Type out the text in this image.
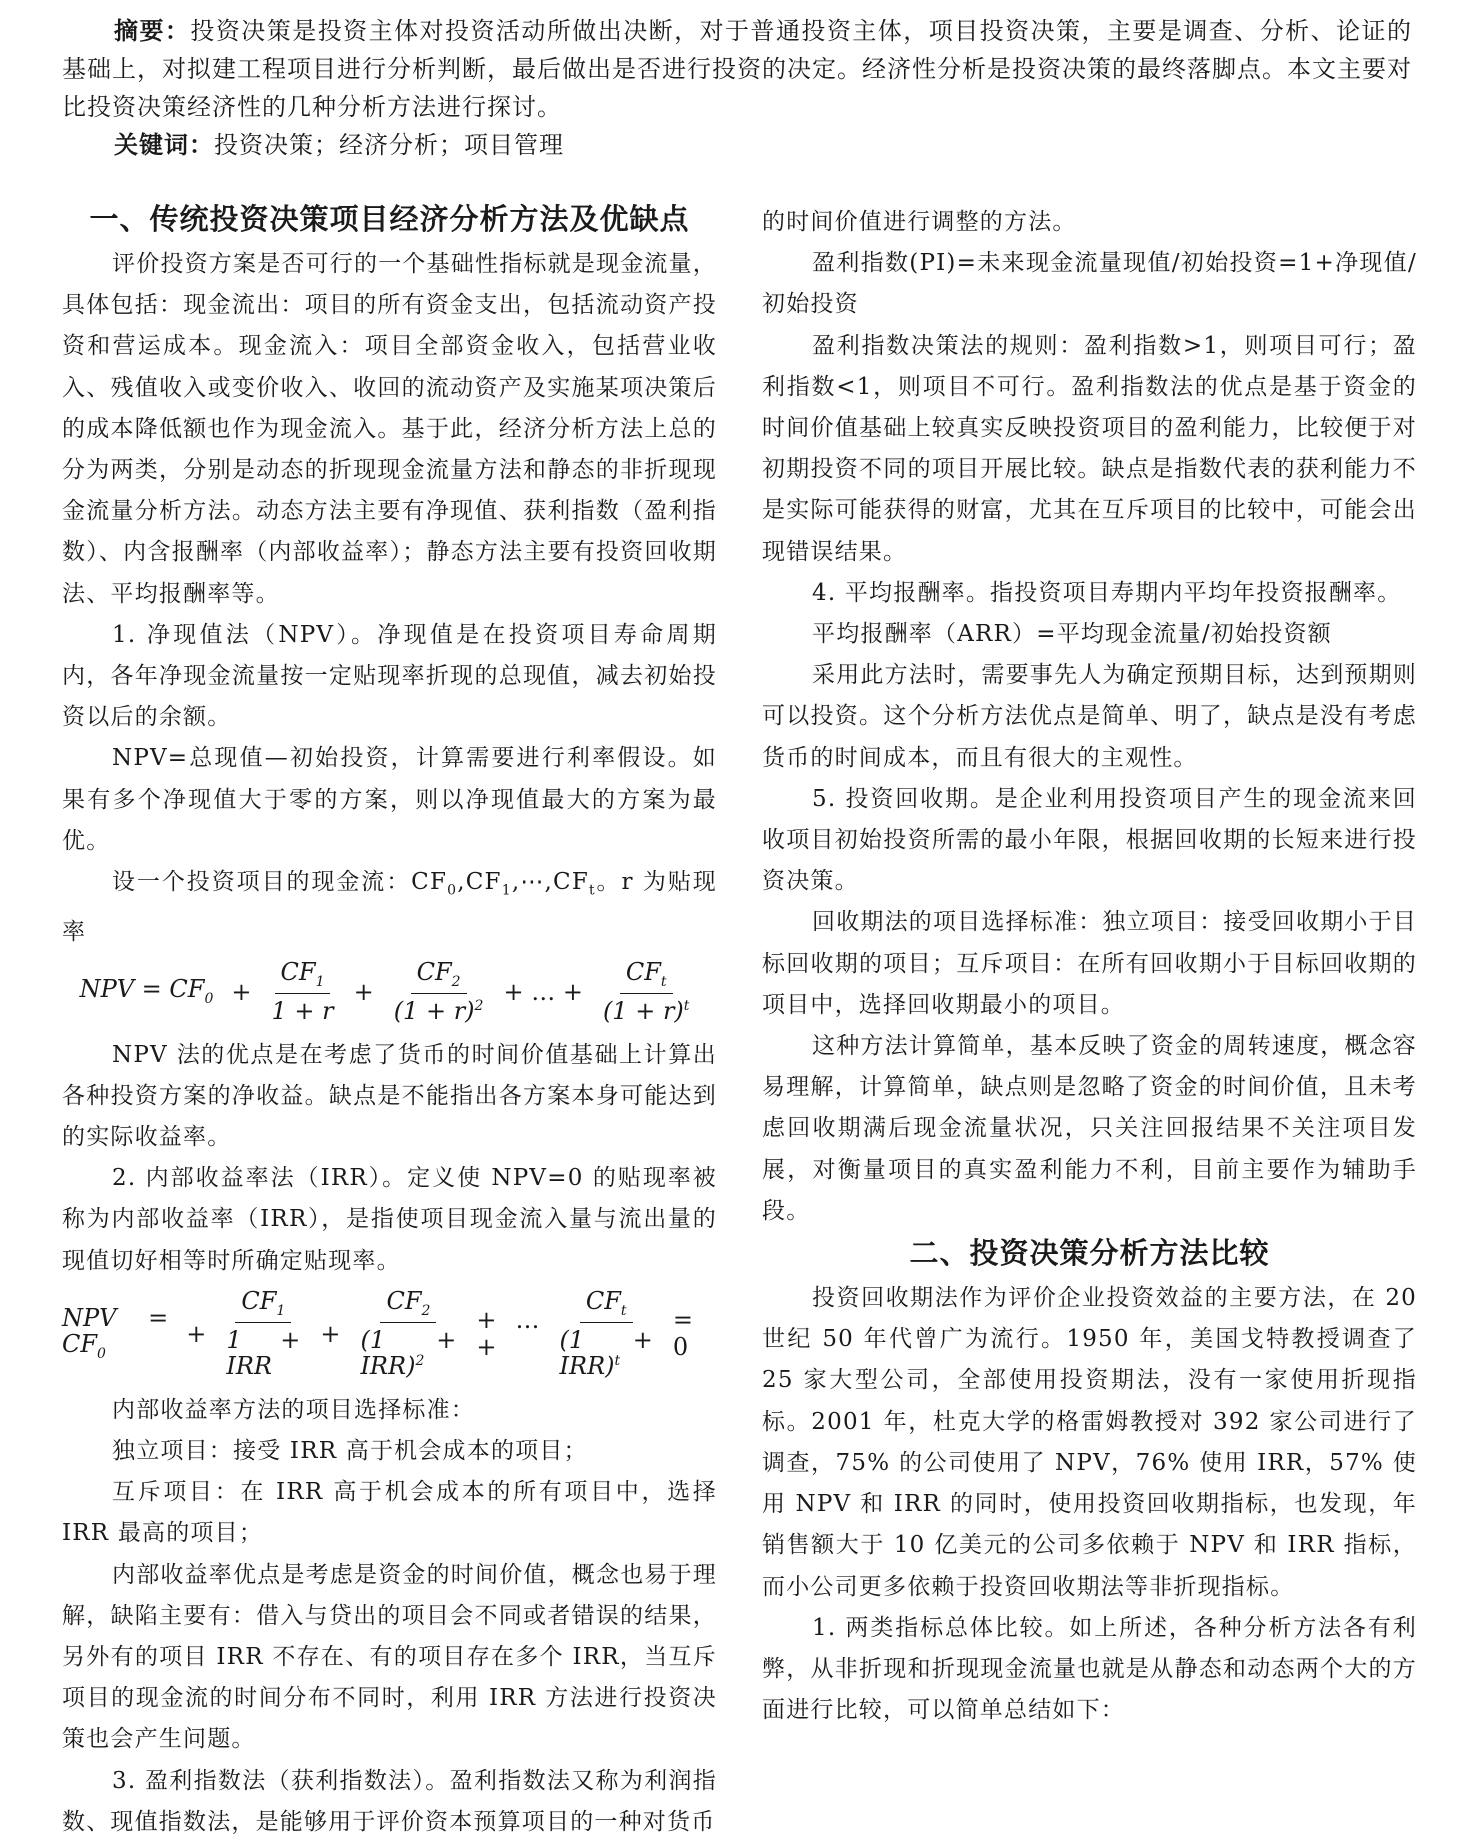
摘要：投资决策是投资主体对投资活动所做出决断，对于普通投资主体，项目投资决策，主要是调查、分析、论证的基础上，对拟建工程项目进行分析判断，最后做出是否进行投资的决定。经济性分析是投资决策的最终落脚点。本文主要对比投资决策经济性的几种分析方法进行探讨。

关键词：投资决策；经济分析；项目管理

一、传统投资决策项目经济分析方法及优缺点

评价投资方案是否可行的一个基础性指标就是现金流量，具体包括：现金流出：项目的所有资金支出，包括流动资产投资和营运成本。现金流入：项目全部资金收入，包括营业收入、残值收入或变价收入、收回的流动资产及实施某项决策后的成本降低额也作为现金流入。基于此，经济分析方法上总的分为两类，分别是动态的折现现金流量方法和静态的非折现现金流量分析方法。动态方法主要有净现值、获利指数（盈利指数）、内含报酬率（内部收益率）；静态方法主要有投资回收期法、平均报酬率等。

1. 净现值法（NPV）。净现值是在投资项目寿命周期内，各年净现金流量按一定贴现率折现的总现值，减去初始投资以后的余额。

NPV=总现值—初始投资，计算需要进行利率假设。如果有多个净现值大于零的方案，则以净现值最大的方案为最优。

设一个投资项目的现金流：$CF_0,CF_1,\cdots,CF_t$。r 为贴现率

NPV = $CF_0 + \frac{CF_1}{1 + r} + \frac{CF_2}{(1 + r)^2}$ + … + $\frac{CF_t}{(1 + r)^t}$

NPV 法的优点是在考虑了货币的时间价值基础上计算出各种投资方案的净收益。缺点是不能指出各方案本身可能达到的实际收益率。

2. 内部收益率法（IRR）。定义使 NPV=0 的贴现率被称为内部收益率（IRR），是指使项目现金流入量与流出量的现值切好相等时所确定贴现率。

NPV = $CF_0$
+ $\frac{CF_1}{\text{1 + IRR}} + \frac{CF_2}{(1 + IRR)^2}$ + … +	$\frac{CF_t}{(1 + IRR)^t} = 0$

内部收益率方法的项目选择标准：

独立项目：接受 IRR 高于机会成本的项目；

互斥项目：在 IRR 高于机会成本的所有项目中，选择 IRR 最高的项目；

内部收益率优点是考虑是资金的时间价值，概念也易于理解，缺陷主要有：借入与贷出的项目会不同或者错误的结果，另外有的项目 IRR 不存在、有的项目存在多个 IRR，当互斥项目的现金流的时间分布不同时，利用 IRR 方法进行投资决策也会产生问题。

3. 盈利指数法（获利指数法）。盈利指数法又称为利润指数、现值指数法，是能够用于评价资本预算项目的一种对货币

的时间价值进行调整的方法。

盈利指数(PI)=未来现金流量现值/初始投资=1+净现值/初始投资

盈利指数决策法的规则：盈利指数>1，则项目可行；盈利指数<1，则项目不可行。盈利指数法的优点是基于资金的时间价值基础上较真实反映投资项目的盈利能力，比较便于对初期投资不同的项目开展比较。缺点是指数代表的获利能力不是实际可能获得的财富，尤其在互斥项目的比较中，可能会出现错误结果。

4. 平均报酬率。指投资项目寿期内平均年投资报酬率。

平均报酬率（ARR）=平均现金流量/初始投资额

采用此方法时，需要事先人为确定预期目标，达到预期则可以投资。这个分析方法优点是简单、明了，缺点是没有考虑货币的时间成本，而且有很大的主观性。

5. 投资回收期。是企业利用投资项目产生的现金流来回收项目初始投资所需的最小年限，根据回收期的长短来进行投资决策。

回收期法的项目选择标准：独立项目：接受回收期小于目标回收期的项目；互斥项目：在所有回收期小于目标回收期的项目中，选择回收期最小的项目。

这种方法计算简单，基本反映了资金的周转速度，概念容易理解，计算简单，缺点则是忽略了资金的时间价值，且未考虑回收期满后现金流量状况，只关注回报结果不关注项目发展，对衡量项目的真实盈利能力不利，目前主要作为辅助手段。

二、投资决策分析方法比较

投资回收期法作为评价企业投资效益的主要方法，在 20 世纪 50 年代曾广为流行。1950 年，美国戈特教授调查了 25 家大型公司，全部使用投资期法，没有一家使用折现指标。2001 年，杜克大学的格雷姆教授对 392 家公司进行了调查，75% 的公司使用了 NPV，76% 使用 IRR，57% 使用 NPV 和 IRR 的同时，使用投资回收期指标，也发现，年销售额大于 10 亿美元的公司多依赖于 NPV 和 IRR 指标，而小公司更多依赖于投资回收期法等非折现指标。

1. 两类指标总体比较。如上所述，各种分析方法各有利弊，从非折现和折现现金流量也就是从静态和动态两个大的方面进行比较，可以简单总结如下：
